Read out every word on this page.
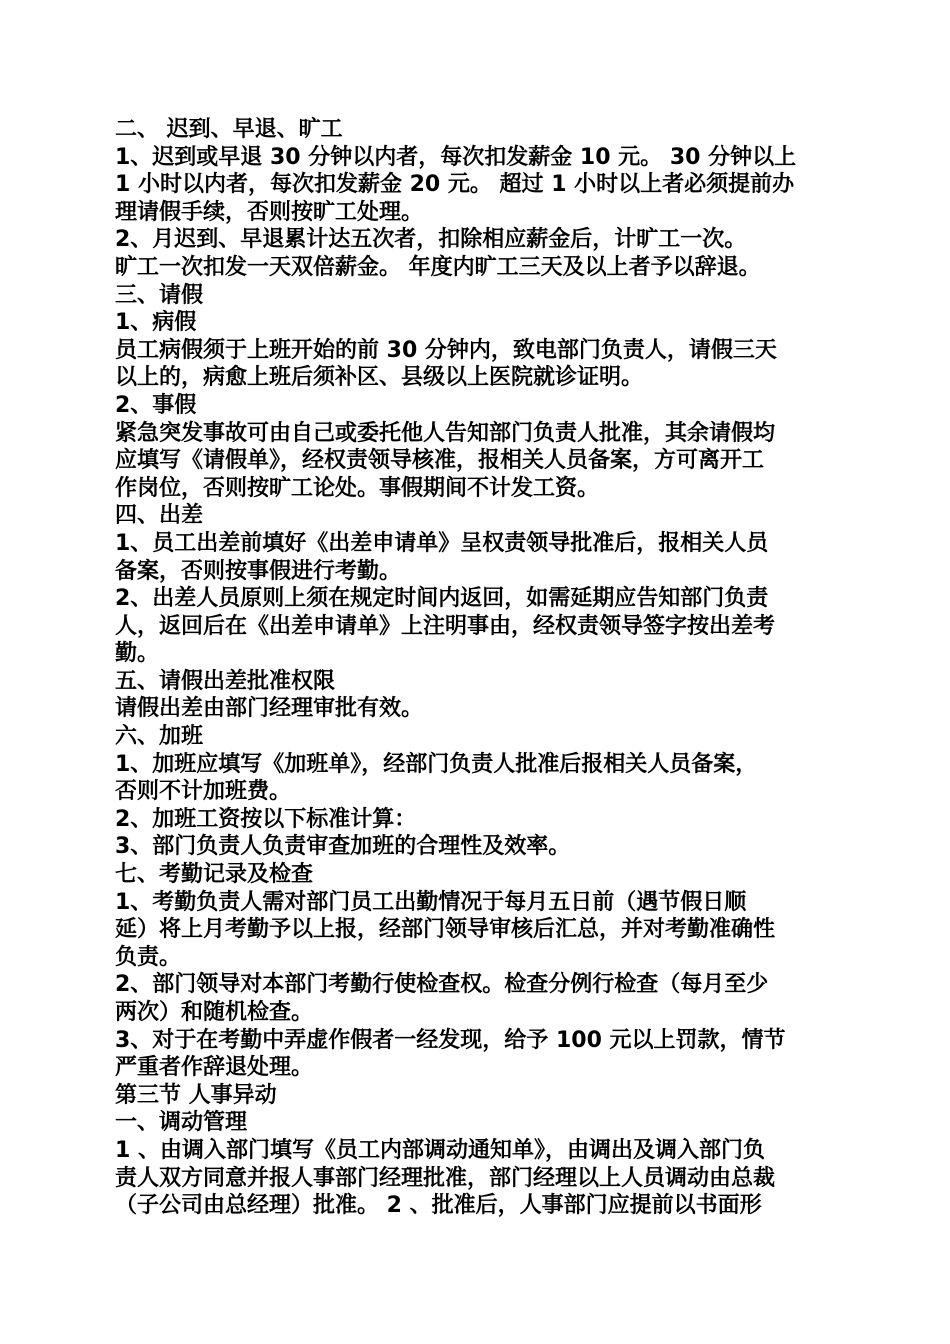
二、 迟到、早退、旷工
1、迟到或早退 30 分钟以内者，每次扣发薪金 10 元。 30 分钟以上
1 小时以内者，每次扣发薪金 20 元。 超过 1 小时以上者必须提前办
理请假手续，否则按旷工处理。
2、月迟到、早退累计达五次者，扣除相应薪金后，计旷工一次。
旷工一次扣发一天双倍薪金。 年度内旷工三天及以上者予以辞退。
三、请假
1、病假
员工病假须于上班开始的前 30 分钟内，致电部门负责人，请假三天
以上的，病愈上班后须补区、县级以上医院就诊证明。
2、事假
紧急突发事故可由自己或委托他人告知部门负责人批准，其余请假均
应填写《请假单》，经权责领导核准，报相关人员备案，方可离开工
作岗位，否则按旷工论处。事假期间不计发工资。
四、出差
1、员工出差前填好《出差申请单》呈权责领导批准后，报相关人员
备案，否则按事假进行考勤。
2、出差人员原则上须在规定时间内返回，如需延期应告知部门负责
人，返回后在《出差申请单》上注明事由，经权责领导签字按出差考
勤。
五、请假出差批准权限
请假出差由部门经理审批有效。
六、加班
1、加班应填写《加班单》，经部门负责人批准后报相关人员备案，
否则不计加班费。
2、加班工资按以下标准计算：
3、部门负责人负责审查加班的合理性及效率。
七、考勤记录及检查
1、考勤负责人需对部门员工出勤情况于每月五日前（遇节假日顺
延）将上月考勤予以上报，经部门领导审核后汇总，并对考勤准确性
负责。
2、部门领导对本部门考勤行使检查权。检查分例行检查（每月至少
两次）和随机检查。
3、对于在考勤中弄虚作假者一经发现，给予 100 元以上罚款，情节
严重者作辞退处理。
第三节 人事异动
一、调动管理
1 、由调入部门填写《员工内部调动通知单》，由调出及调入部门负
责人双方同意并报人事部门经理批准，部门经理以上人员调动由总裁
（子公司由总经理）批准。 2 、批准后，人事部门应提前以书面形
